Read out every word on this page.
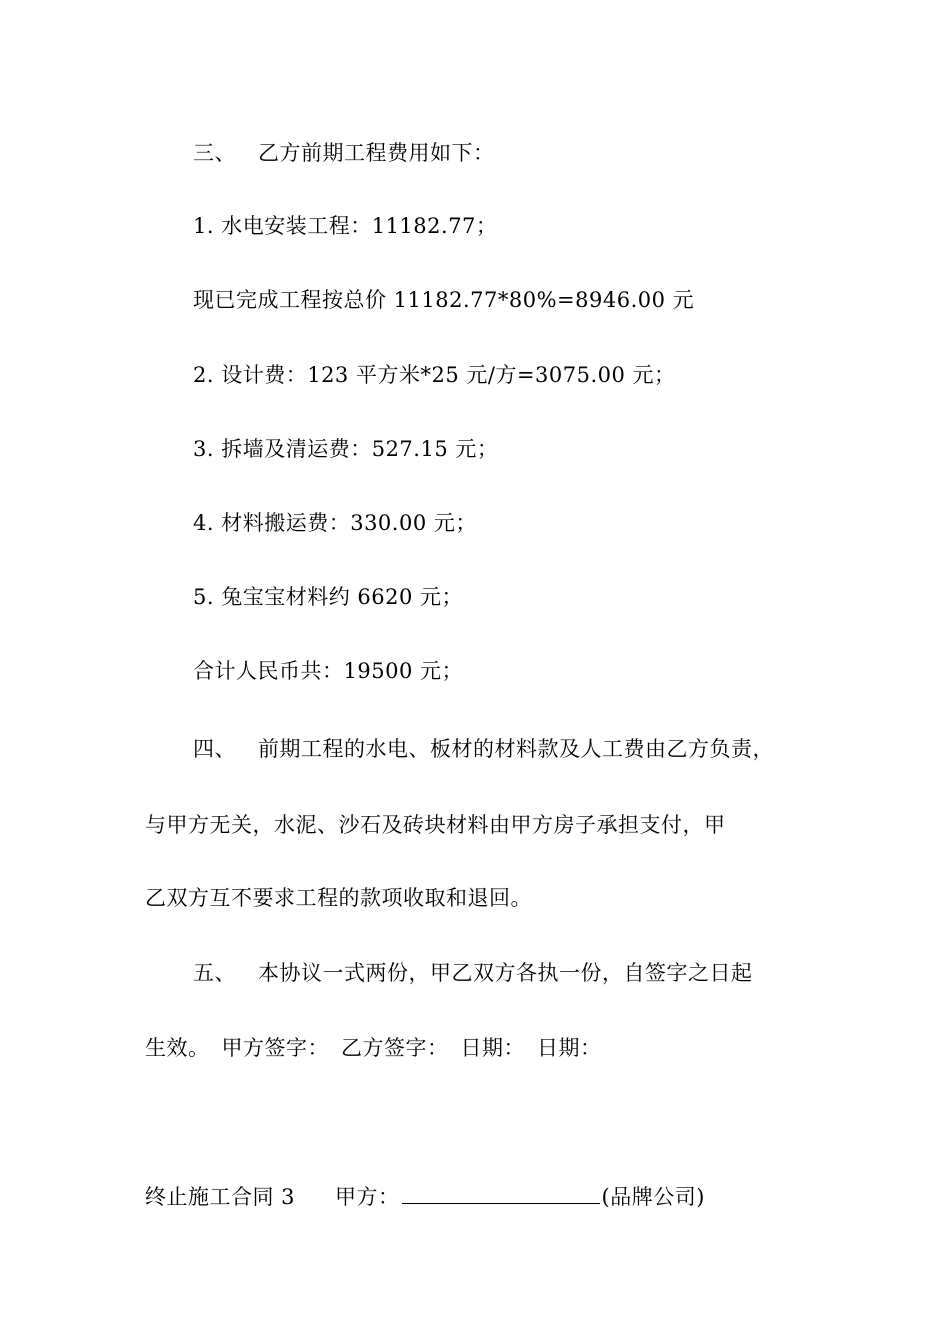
三、 乙方前期工程费用如下：
1. 水电安装工程：11182.77；
现已完成工程按总价 11182.77*80%=8946.00 元
2. 设计费：123 平方米*25 元/方=3075.00 元；
3. 拆墙及清运费：527.15 元；
4. 材料搬运费：330.00 元；
5. 兔宝宝材料约 6620 元；
合计人民币共：19500 元；
四、 前期工程的水电、板材的材料款及人工费由乙方负责，
与甲方无关，水泥、沙石及砖块材料由甲方房子承担支付，甲
乙双方互不要求工程的款项收取和退回。
五、 本协议一式两份，甲乙双方各执一份，自签字之日起
生效。 甲方签字： 乙方签字： 日期： 日期：
终止施工合同 3 甲方：	(品牌公司)
